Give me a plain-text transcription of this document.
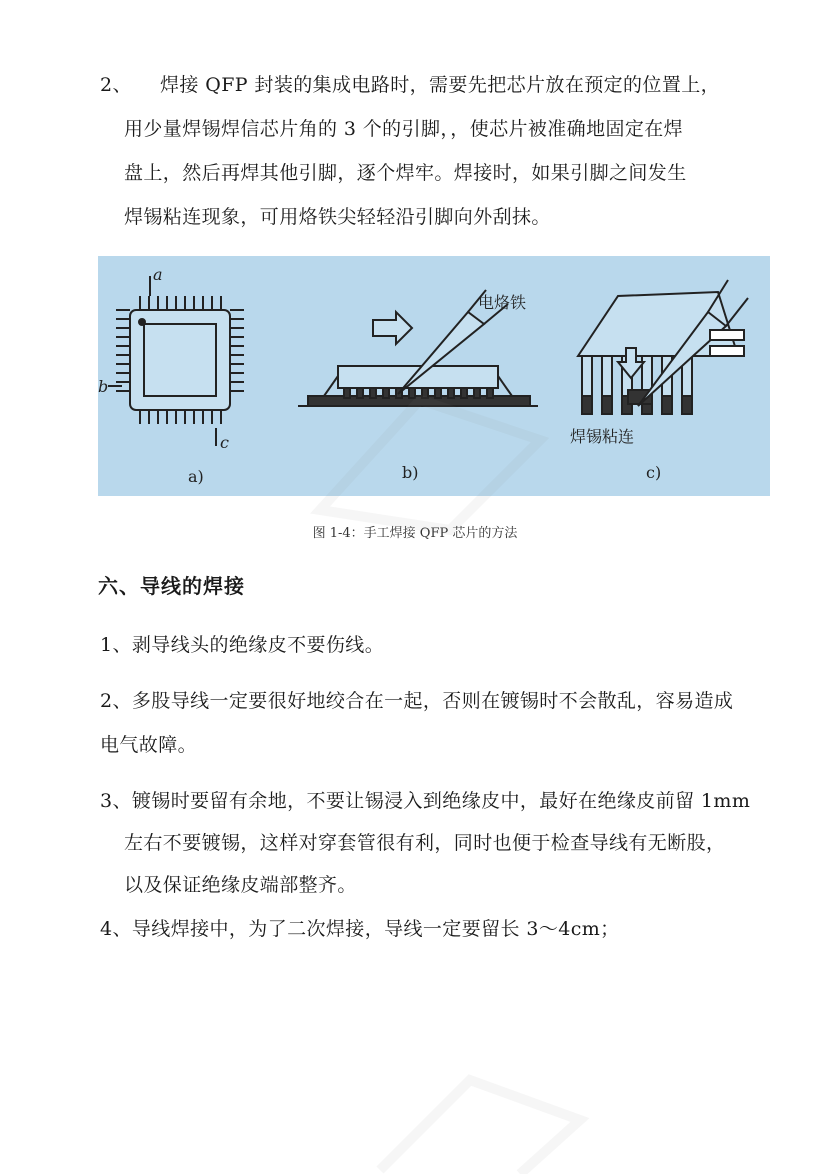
2、 焊接 QFP 封装的集成电路时，需要先把芯片放在预定的位置上，
用少量焊锡焊信芯片角的 3 个的引脚，，使芯片被准确地固定在焊
盘上，然后再焊其他引脚，逐个焊牢。焊接时，如果引脚之间发生
焊锡粘连现象，可用烙铁尖轻轻沿引脚向外刮抹。
a
b
c
a)
电烙铁
b)
焊锡粘连
c)
图 1-4：手工焊接 QFP 芯片的方法
六、导线的焊接
1、剥导线头的绝缘皮不要伤线。
2、多股导线一定要很好地绞合在一起，否则在镀锡时不会散乱，容易造成
电气故障。
3、镀锡时要留有余地，不要让锡浸入到绝缘皮中，最好在绝缘皮前留 1mm
左右不要镀锡，这样对穿套管很有利，同时也便于检查导线有无断股，
以及保证绝缘皮端部整齐。
4、导线焊接中，为了二次焊接，导线一定要留长 3～4cm；
